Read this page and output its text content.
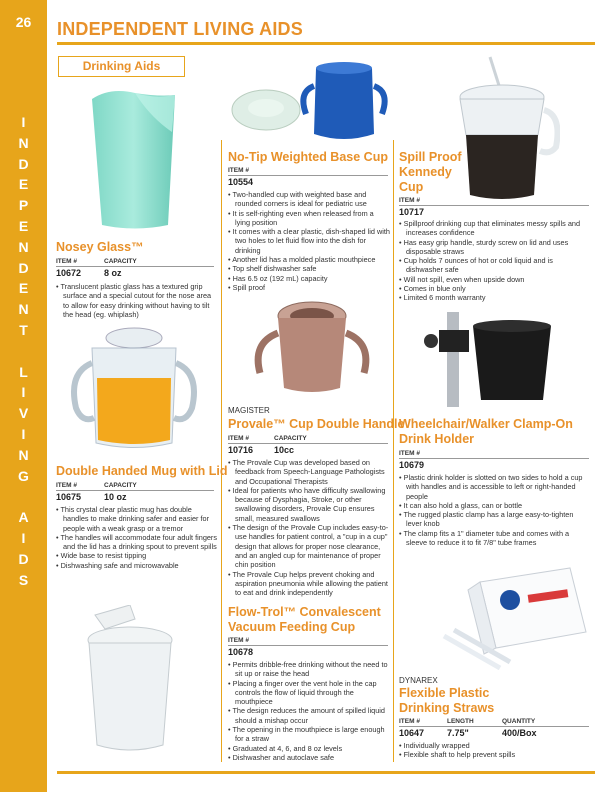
26	INDEPENDENT LIVING AIDS
I
N
D
E
P
E
N
D
E
N
T

L
I
V
I
N
G

A
I
D
S
Drinking Aids
Nosey Glass™
ITEM #	CAPACITY
10672	8 oz
• Translucent plastic glass has a textured grip surface and a special cutout for the nose area to allow for easy drinking without having to tilt the head (eg. whiplash)
Double Handed Mug with Lid
ITEM #	CAPACITY
10675	10 oz
• This crystal clear plastic mug has double handles to make drinking safer and easier for people with a weak grasp or a tremor
• The handles will accommodate four adult fingers and the lid has a drinking spout to prevent spills
• Wide base to resist tipping
• Dishwashing safe and microwavable
No-Tip Weighted Base Cup
ITEM #
10554
• Two-handled cup with weighted base and rounded corners is ideal for pediatric use
• It is self-righting even when released from a lying position
• It comes with a clear plastic, dish-shaped lid with two holes to let fluid flow into the dish for drinking
• Another lid has a molded plastic mouthpiece
• Top shelf dishwasher safe
• Has 6.5 oz (192 mL) capacity
• Spill proof
MAGISTER
Provale™ Cup Double Handle
ITEM #	CAPACITY
10716 10cc
• The Provale Cup was developed based on feedback from Speech-Language Pathologists and Occupational Therapists
• Ideal for patients who have difficulty swallowing because of Dysphagia, Stroke, or other swallowing disorders, Provale Cup ensures small, measured swallows
• The design of the Provale Cup includes easy-to-use handles for patient control, a "cup in a cup" design that allows for proper nose clearance, and an angled cup for maintenance of proper chin position
• The Provale Cup helps prevent choking and aspiration pneumonia while allowing the patient to eat and drink independently
Flow-Trol™ Convalescent Vacuum Feeding Cup
ITEM #
10678
• Permits dribble-free drinking without the need to sit up or raise the head
• Placing a finger over the vent hole in the cap controls the flow of liquid through the mouthpiece
• The design reduces the amount of spilled liquid should a mishap occur
• The opening in the mouthpiece is large enough for a straw
• Graduated at 4, 6, and 8 oz levels
• Dishwasher and autoclave safe
Spill Proof Kennedy Cup
ITEM #
10717
• Spillproof drinking cup that eliminates messy spills and increases confidence
• Has easy grip handle, sturdy screw on lid and uses disposable straws
• Cup holds 7 ounces of hot or cold liquid and is dishwasher safe
• Will not spill, even when upside down
• Comes in blue only
• Limited 6 month warranty
Wheelchair/Walker Clamp-On Drink Holder
ITEM #
10679
• Plastic drink holder is slotted on two sides to hold a cup with handles and is accessible to left or right-handed people
• It can also hold a glass, can or bottle
• The rugged plastic clamp has a large easy-to-tighten lever knob
• The clamp fits a 1" diameter tube and comes with a sleeve to reduce it to fit 7/8" tube frames
DYNAREX
Flexible Plastic Drinking Straws
ITEM #	LENGTH	QUANTITY
10647	7.75"	400/Box
• Individually wrapped
• Flexible shaft to help prevent spills
